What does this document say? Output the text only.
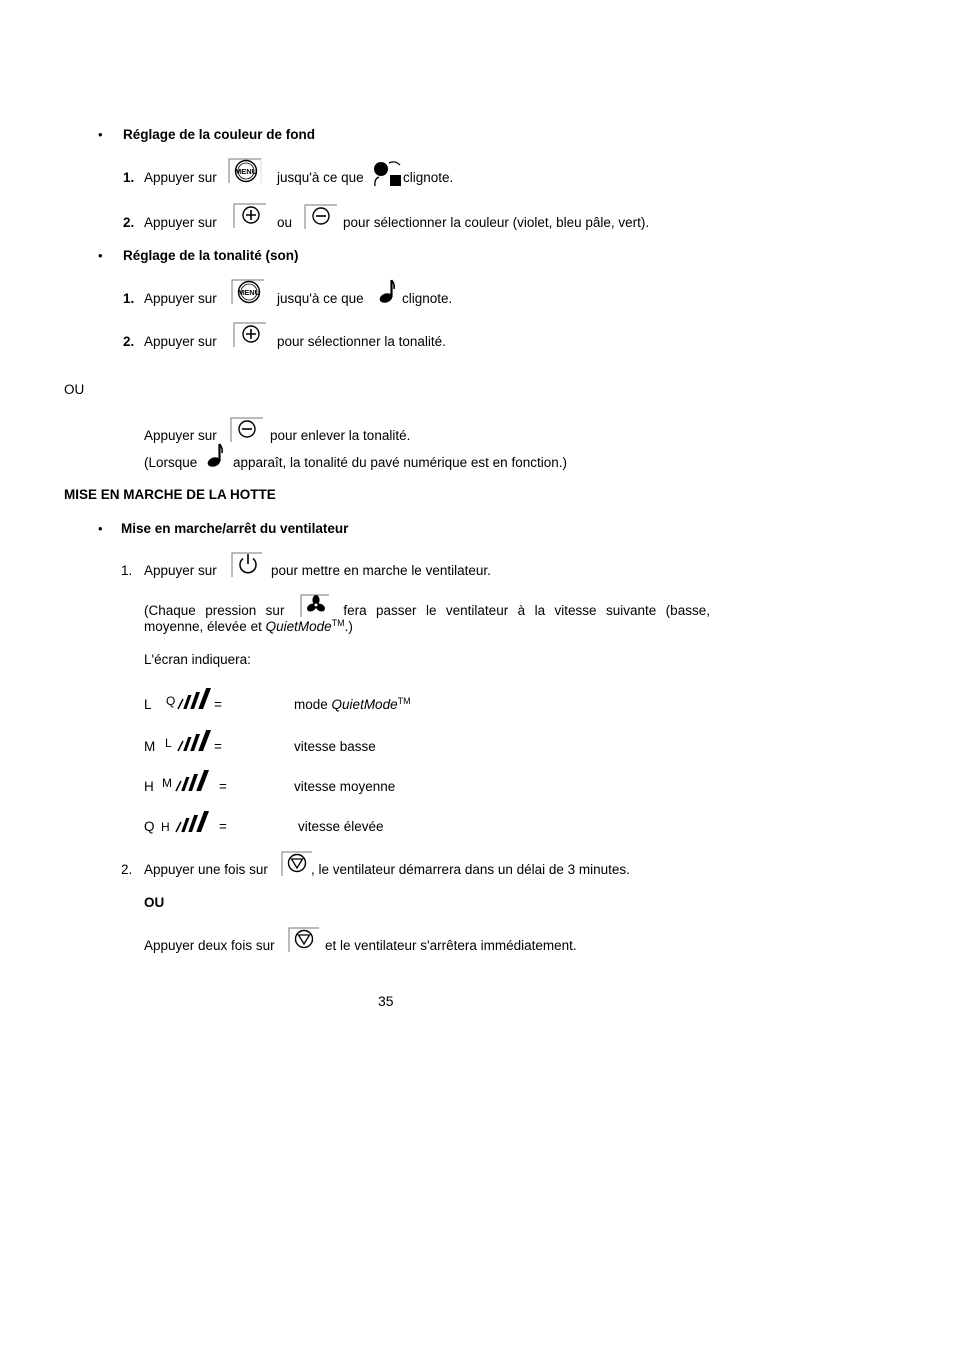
• Réglage de la couleur de fond
1. Appuyer sur MENU jusqu'à ce que	clignote.
2. Appuyer sur	ou	pour sélectionner la couleur (violet, bleu pâle, vert).
• Réglage de la tonalité (son)
1. Appuyer sur	MENU jusqu'à ce que	clignote.
2. Appuyer sur	pour sélectionner la tonalité.
OU
Appuyer sur	pour enlever la tonalité.
(Lorsque	apparaît, la tonalité du pavé numérique est en fonction.)
MISE EN MARCHE DE LA HOTTE
• Mise en marche/arrêt du ventilateur
1. Appuyer sur	pour mettre en marche le ventilateur.
(Chaque pression sur	fera passer le ventilateur à la vitesse suivante (basse,
moyenne, élevée et QuietMode™.)
L'écran indiquera:
L Q	=	mode QuietMode™
M L	=	vitesse basse
H M	=	vitesse moyenne
Q H	=	vitesse élevée
2. Appuyer une fois sur	, le ventilateur démarrera dans un délai de 3 minutes.
OU
Appuyer deux fois sur	et le ventilateur s'arrêtera immédiatement.
35
